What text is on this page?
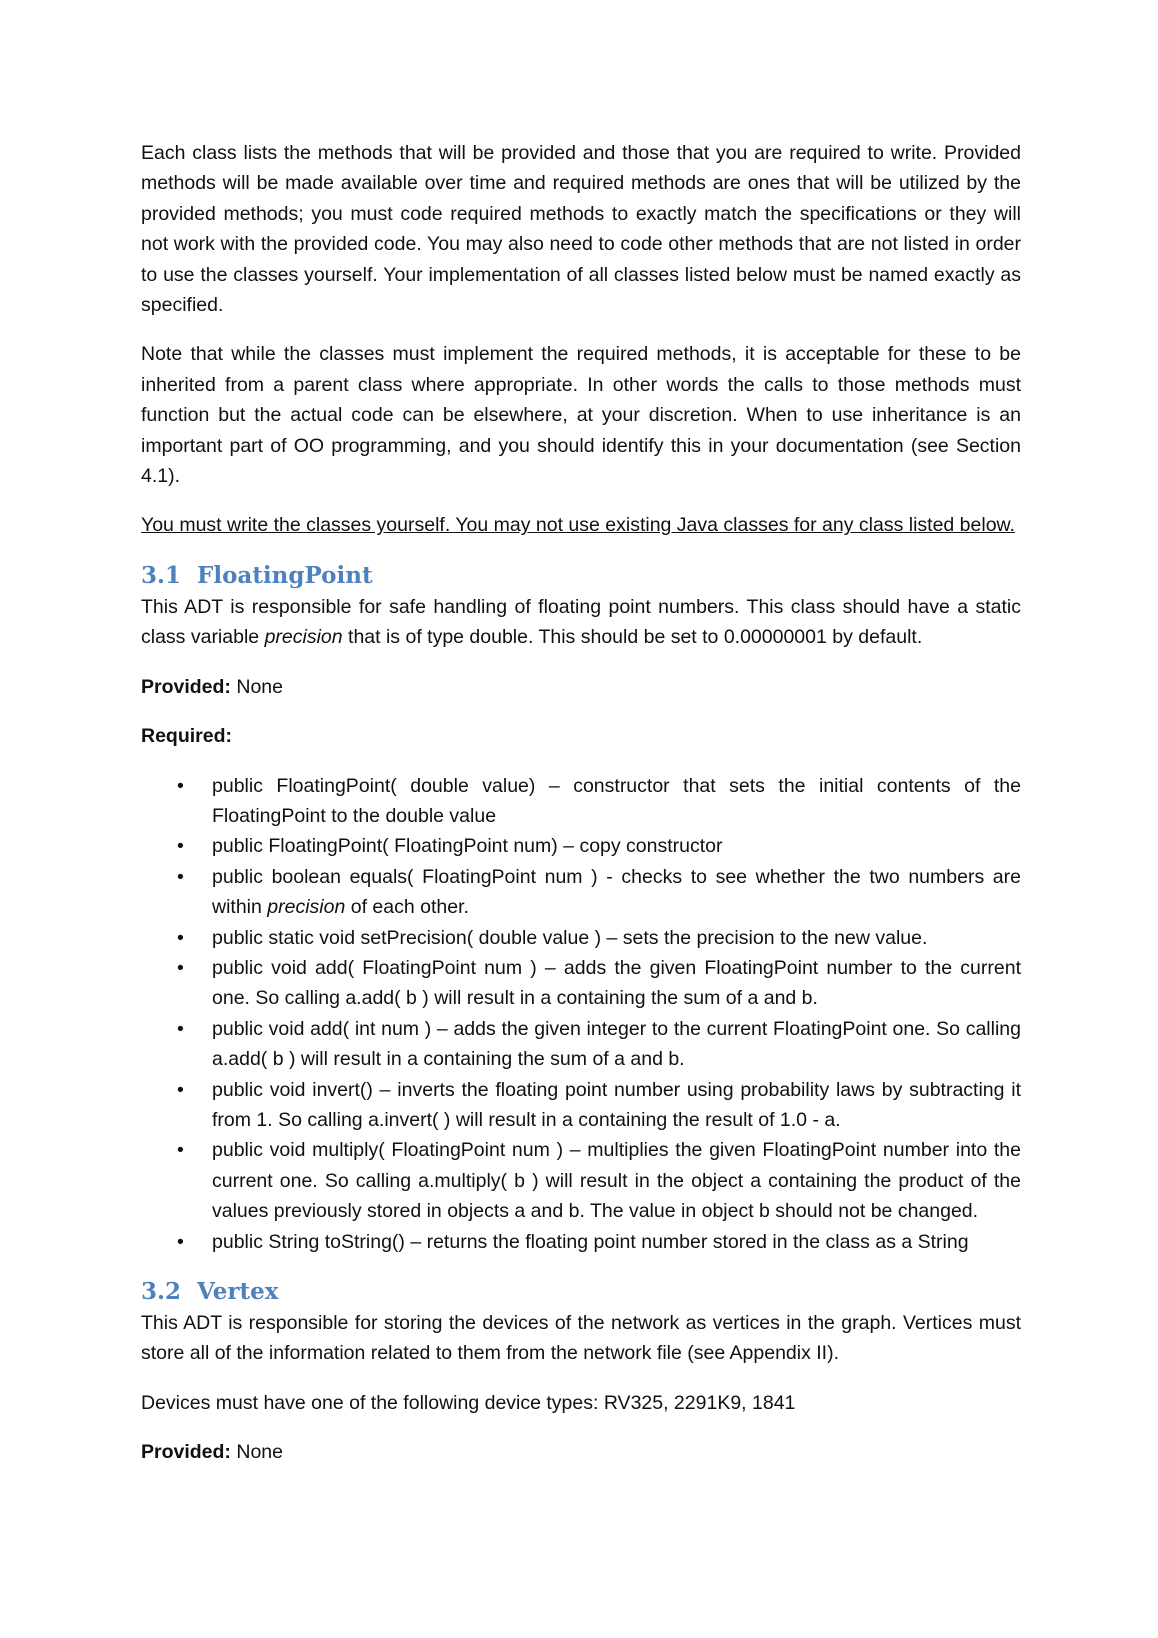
Each class lists the methods that will be provided and those that you are required to write. Provided methods will be made available over time and required methods are ones that will be utilized by the provided methods; you must code required methods to exactly match the specifications or they will not work with the provided code. You may also need to code other methods that are not listed in order to use the classes yourself. Your implementation of all classes listed below must be named exactly as specified.

Note that while the classes must implement the required methods, it is acceptable for these to be inherited from a parent class where appropriate. In other words the calls to those methods must function but the actual code can be elsewhere, at your discretion. When to use inheritance is an important part of OO programming, and you should identify this in your documentation (see Section 4.1).

You must write the classes yourself. You may not use existing Java classes for any class listed below.

3.1 FloatingPoint

This ADT is responsible for safe handling of floating point numbers. This class should have a static class variable precision that is of type double. This should be set to 0.00000001 by default.

Provided: None

Required:

• public FloatingPoint( double value) – constructor that sets the initial contents of the FloatingPoint to the double value
• public FloatingPoint( FloatingPoint num) – copy constructor
• public boolean equals( FloatingPoint num ) - checks to see whether the two numbers are within precision of each other.
• public static void setPrecision( double value ) – sets the precision to the new value.
• public void add( FloatingPoint num ) – adds the given FloatingPoint number to the current one. So calling a.add( b ) will result in a containing the sum of a and b.
• public void add( int num ) – adds the given integer to the current FloatingPoint one. So calling a.add( b ) will result in a containing the sum of a and b.
• public void invert() – inverts the floating point number using probability laws by subtracting it from 1. So calling a.invert( ) will result in a containing the result of 1.0 - a.
• public void multiply( FloatingPoint num ) – multiplies the given FloatingPoint number into the current one. So calling a.multiply( b ) will result in the object a containing the product of the values previously stored in objects a and b. The value in object b should not be changed.
• public String toString() – returns the floating point number stored in the class as a String
3.2 Vertex

This ADT is responsible for storing the devices of the network as vertices in the graph. Vertices must store all of the information related to them from the network file (see Appendix II).

Devices must have one of the following device types: RV325, 2291K9, 1841

Provided: None
